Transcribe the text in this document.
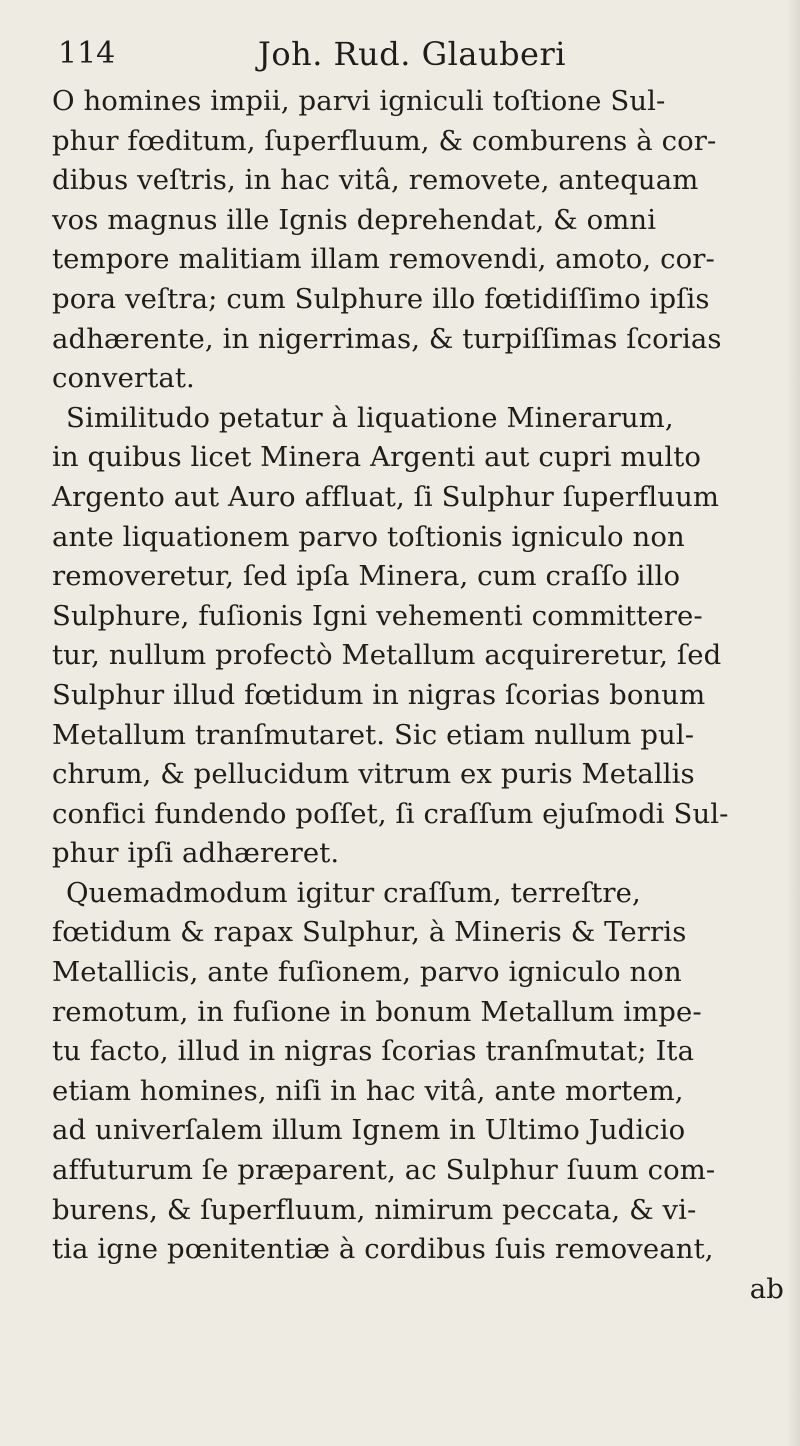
114	Joh. Rud. Glauberi
O homines impii, parvi igniculi toſtione Sul-
phur fœditum, ſuperfluum, & comburens à cor-
dibus veſtris, in hac vitâ, removete, antequam
vos magnus ille Ignis deprehendat, & omni
tempore malitiam illam removendi, amoto, cor-
pora veſtra; cum Sulphure illo fœtidiſſimo ipſis
adhærente, in nigerrimas, & turpiſſimas ſcorias
convertat.
Similitudo petatur à liquatione Minerarum,
in quibus licet Minera Argenti aut cupri multo
Argento aut Auro affluat, ſi Sulphur ſuperfluum
ante liquationem parvo toſtionis igniculo non
removeretur, ſed ipſa Minera, cum craſſo illo
Sulphure, fuſionis Igni vehementi committere-
tur, nullum profectò Metallum acquireretur, ſed
Sulphur illud fœtidum in nigras ſcorias bonum
Metallum tranſmutaret. Sic etiam nullum pul-
chrum, & pellucidum vitrum ex puris Metallis
confici fundendo poſſet, ſi craſſum ejuſmodi Sul-
phur ipſi adhæreret.
Quemadmodum igitur craſſum, terreſtre,
fœtidum & rapax Sulphur, à Mineris & Terris
Metallicis, ante fuſionem, parvo igniculo non
remotum, in fuſione in bonum Metallum impe-
tu facto, illud in nigras ſcorias tranſmutat; Ita
etiam homines, niſi in hac vitâ, ante mortem,
ad univerſalem illum Ignem in Ultimo Judicio
affuturum ſe præparent, ac Sulphur ſuum com-
burens, & ſuperfluum, nimirum peccata, & vi-
tia igne pœnitentiæ à cordibus ſuis removeant,
ab
